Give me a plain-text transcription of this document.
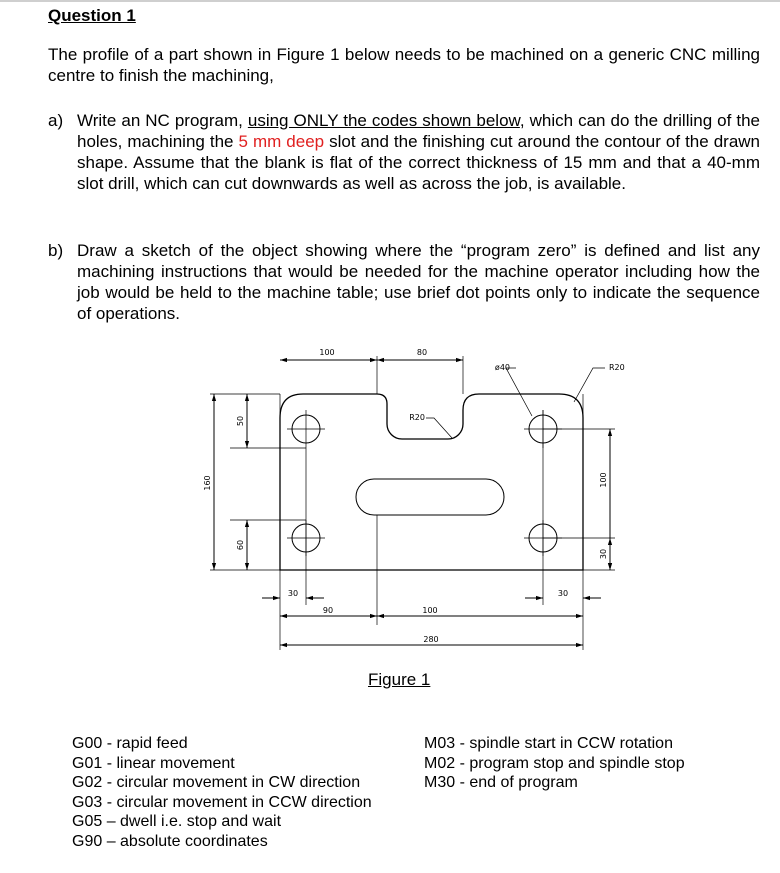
Question 1
The profile of a part shown in Figure 1 below needs to be machined on a generic CNC milling centre to finish the machining,
a) Write an NC program, using ONLY the codes shown below, which can do the drilling of the holes, machining the 5 mm deep slot and the finishing cut around the contour of the drawn shape. Assume that the blank is flat of the correct thickness of 15 mm and that a 40-mm slot drill, which can cut downwards as well as across the job, is available.
b) Draw a sketch of the object showing where the “program zero” is defined and list any machining instructions that would be needed for the machine operator including how the job would be held to the machine table; use brief dot points only to indicate the sequence of operations.
100	80
ø40	R20
R20
160
50
60
100
30
30	30
90	100
280
Figure 1
G00 - rapid feed
G01 - linear movement
G02 - circular movement in CW direction
G03 - circular movement in CCW direction
G05 – dwell i.e. stop and wait
G90 – absolute coordinates
M03 - spindle start in CCW rotation
M02 - program stop and spindle stop
M30 - end of program
